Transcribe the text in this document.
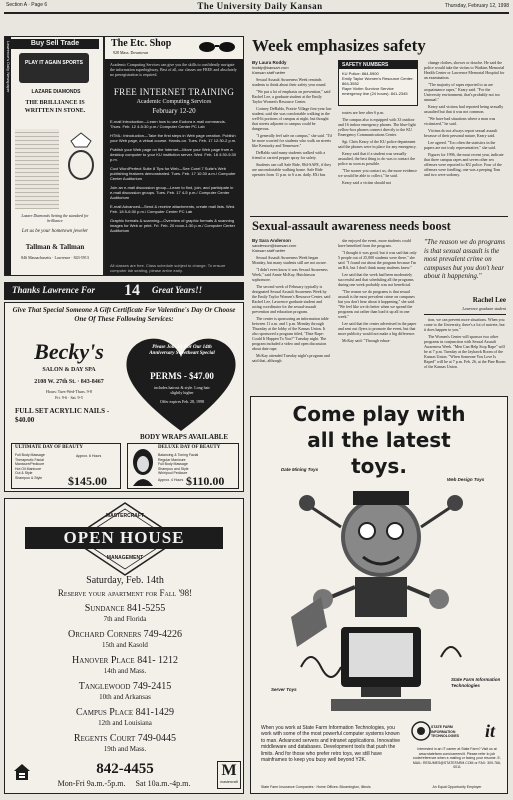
Section A · Page 6	The University Daily Kansan	Thursday, February 12, 1998
Buy Sell Trade
Lawrence's Daily Newspaper	PLAY IT AGAIN SPORTS
LAZARE DIAMONDS
THE BRILLIANCE IS WRITTEN IN STONE.
Lazare Diamonds Setting the standard for brilliance
Let us be your hometown jeweler
Tallman & Tallman
846 Massachusetts · Lawrence · 843-5913
The Etc. Shop
928 Mass. Downtown
Academic Computing Services can give you the skills to confidently navigate the information superhighway. Best of all, our classes are FREE and absolutely no preregistration is required.
FREE INTERNET TRAINING
Academic Computing Services
February 12-20
E-mail Introduction—Learn how to use Eudora e-mail commands. Thurs. Feb. 12 4-5:30 p.m./ Computer Center PC Lab
HTML: Introduction—Take the first steps in Web page creation. Publish your Web page, a virtual course. Hands-on. Tues. Feb. 17 12:30-2 p.m.
Publish your Web page on the Internet—Move your Web page from a desktop computer to your KU institution server. Wed. Feb. 18 4:30-5:30 p.m.
Cool WordPerfect Suite 8 Tips for Web—See Corel 7 Suite's Web publishing features demonstrated. Tues. Feb. 17 10:30 a.m./ Computer Center Auditorium
Join an e-mail discussion group—Learn to find, join, and participate in e-mail discussion groups. Tues. Feb. 17 4-5 p.m./ Computer Center Auditorium
E-mail Advanced—Send & receive attachments, create mail lists. Wed. Feb. 18 5-6:30 p.m./ Computer Center PC Lab
Graphic formats & scanning—Overview of graphic formats & scanning images for Web or print. Fri. Feb. 20 noon-1:30 p.m./ Computer Center Auditorium
All classes are free. Class schedule subject to change. To ensure computer lab seating, please arrive early.
Thanks Lawrence For	14	Great Years!!
Give That Special Someone A Gift Certificate For Valentine's Day Or Choose One Of These Following Services:
Becky's
SALON & DAY SPA
2108 W. 27th St. · 843-8467
Hours: Tues-Wed-Thurs. 9-8
Fri. 9-6 · Sat. 9-5
Please Join Us For Our 14th Anniversary Sweetheart Special
PERMS - $47.00
includes haircut & style. Long hair slightly higher
Offer expires Feb. 28, 1998
FULL SET ACRYLIC NAILS - $40.00
BODY WRAPS AVAILABLE
ULTIMATE DAY OF BEAUTY
Full Body Massage
Therapeutic Facial
Manicure/Pedicure
Hot Oil Manicure
Cut & Style
Shampoo & Style
Approx. 6 Hours
$145.00
DELUXE DAY OF BEAUTY
Balancing & Toning Facial
Regular Manicure
Full Body Massage
Shampoo and Style
Whirlpool Pedicure
Approx. 4 Hours $110.00
MASTERCRAFT
OPEN HOUSE
MANAGEMENT
Saturday, Feb. 14th
Reserve your apartment for Fall '98!
Sundance 841-5255
7th and Florida
Orchard Corners 749-4226
15th and Kasold
Hanover Place 841- 1212
14th and Mass.
Tanglewood 749-2415
10th and Arkansas
Campus Place 841-1429
12th and Louisiana
Regents Court 749-0445
19th and Mass.
842-4455
Mon-Fri 9a.m.-5p.m.     Sat 10a.m.-4p.m.
M
mastercraft
Week emphasizes safety
By Laura Roddy
lroddy@kansan.com
Kansan staff writer

Sexual Assault Awareness Week reminds students to think about their safety year round.

"We put a lot of emphasis on prevention," said Rachel Lee, a graduate student at the Emily Taylor Women's Resource Center.

Cortney DeBaldo, Prairie Village first-year law student, said she was comfortable walking in the well-lit portions of campus at night, but thought that streets adjacent to campus could be dangerous.

"I generally feel safe on campus," she said. "I'd be more worried for students who walk on streets like Kentucky and Tennessee."

DeBaldo said many students walked with a friend or carried pepper spray for safety.

Students can call Safe Ride, 864-SAFE, if they are uncomfortable walking home. Safe Ride operates from 11 p.m. to 6 a.m. daily. $Xi bus

SAFETY NUMBERS
KU Police: 864-5900
Emily Taylor Women's Resource Center: 864-3552
Rape Victim Survivor Service emergency line (24 hours): 841-2345

routes are free after 6 p.m.

The campus also is equipped with 33 outdoor and 16 indoor emergency phones. The blue-light yellow-box phones connect directly to the KU Emergency Communications Center.

Sgt. Chris Keary of the KU police department said the phones were in place for any emergency.

Keary said that if a student was sexually assaulted, the best thing to do was to contact the police as soon as possible.

"The sooner you contact us, the more evidence we would be able to collect," he said.

Keary said a victim should not

change clothes, shower or douche. He said the police would take the victim to Watkins Memorial Health Center or Lawrence Memorial Hospital for an examination.

"The majority of rapes reported to us are acquaintance rapes," Keary said. "For the University environment, that's probably not too unusual."

Keary said victims had reported being sexually assaulted but that it was not common.

"We have had situations where a man was victimized," he said.

Victims do not always report sexual assault because of their personal nature, Keary said.

Lee agreed. "Too often the statistics in the papers are not truly representative," she said.

Figures for 1996, the most recent year, indicate that three campus rapes and seven other sex offenses were reported to KU police. Four of the offenses were fondling, one was a peeping Tom and two were sodomy.

Sexual-assault awareness needs boost
By Sara Anderson
sanderson@kansan.com
Kansan staff writer

Sexual Assault Awareness Week began Monday, but many students still are not aware.

"I didn't even know it was Sexual Awareness Week," said Annie McKay, Hutchinson sophomore.

The second week of February typically is designated Sexual Assault Awareness Week by the Emily Taylor Women's Resource Center, said Rachel Lee, Lawrence graduate student and acting coordinator for the sexual-assault prevention and education program.

The center is sponsoring an information table between 11 a.m. and 1 p.m. Monday through Thursday at the lobby of the Kansas Union. It also sponsored a program titled, "Date Rape: Could It Happen To You?" Tuesday night. The program included a video and open discussion about date rape.

McKay attended Tuesday night's program and said that, although

she enjoyed the event, more students could have benefited from the program.

"I thought it was good, but it was sad that only 5 people out of 25,000 students were there," she said. "I found out about the program because I'm an RA, but I don't think many students knew."

Lee said that the week had been moderately successful and that scheduling all the programs during one week probably was not beneficial.

"The reason we do programs is that sexual assault is the most prevalent crime on campuses but you don't hear about it happening," she said. "We feel like we do better when we spread the programs out rather than load it up all in one week."

Lee said that the center advertised in the paper and sent out flyers to promote the event, but that more publicity would not make a big difference.

McKay said: "Through educa-

"The reason we do programs is that sexual assault is the most prevalent crime on campuses but you don't hear about it happening."
Rachel Lee
Lawrence graduate student

tion, we can prevent more situations. When you come to the University, there's a lot of naivete, but it does happen to you."

The Women's Center will sponsor two other programs in conjunction with Sexual Assault Awareness Week. "Men Can Help Stop Rape" will be at 7 p.m. Tuesday at the Jayhawk Room of the Kansas Union. "When Someone You Love Is Raped" will be at 7 p.m. Feb. 26, at the Pine Room of the Kansas Union.

Come play with all the latest toys.
Date Mining Toys
Web Design Toys
Server Toys
State Farm Information Technologies
When you work at State Farm Information Technologies, you work with some of the most powerful computer systems known to man. Advanced servers and intranet applications. Innovative middleware and databases. Development tools that push the limits. And for those who prefer retro toys, we still have mainframes to keep you busy well beyond Y2K.
STATE FARM INFORMATION TECHNOLOGIES	it
Interested in an IT career at State Farm? Visit us at www.statefarm.com/careers/it. Please refer to job code/reference when e-mailing or faxing your resume. E-MAIL: RESUMES@STATEFARM.COM or FAX: 309-766-0011
State Farm Insurance Companies · Home Offices: Bloomington, Illinois	An Equal Opportunity Employer
